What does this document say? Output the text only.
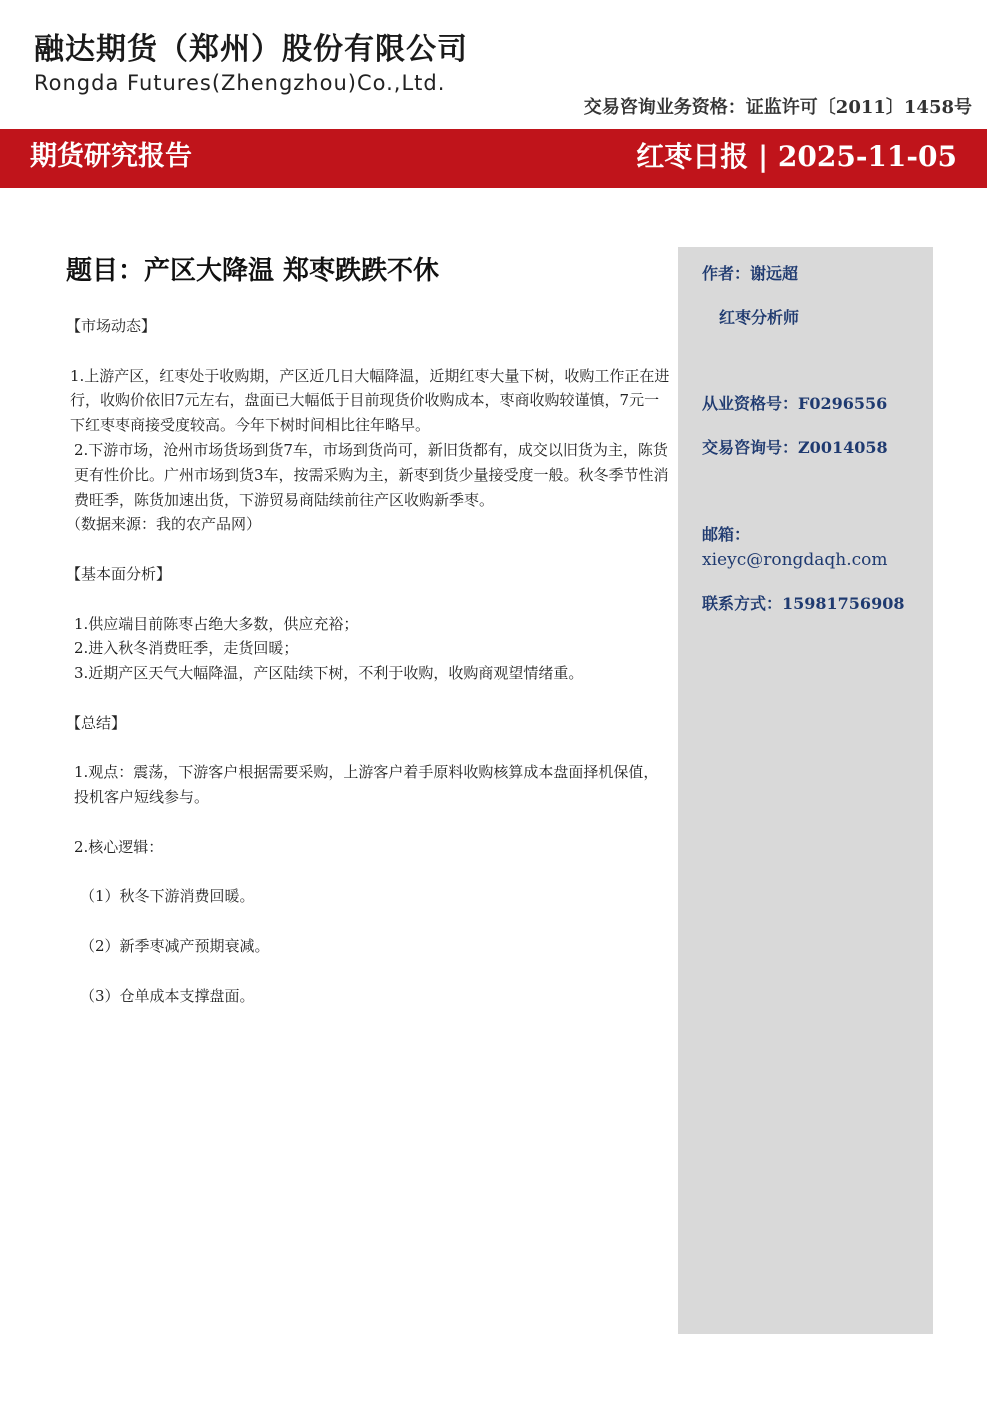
融达期货（郑州）股份有限公司
Rongda Futures(Zhengzhou)Co.,Ltd.
交易咨询业务资格：证监许可〔2011〕1458号
期货研究报告	红枣日报 | 2025-11-05
题目：产区大降温 郑枣跌跌不休

【市场动态】

1.上游产区，红枣处于收购期，产区近几日大幅降温，近期红枣大量下树，收购工作正在进行，收购价依旧7元左右，盘面已大幅低于目前现货价收购成本，枣商收购较谨慎，7元一下红枣枣商接受度较高。今年下树时间相比往年略早。

2.下游市场，沧州市场货场到货7车，市场到货尚可，新旧货都有，成交以旧货为主，陈货更有性价比。广州市场到货3车，按需采购为主，新枣到货少量接受度一般。秋冬季节性消费旺季，陈货加速出货，下游贸易商陆续前往产区收购新季枣。

（数据来源：我的农产品网）

【基本面分析】

1.供应端目前陈枣占绝大多数，供应充裕；

2.进入秋冬消费旺季，走货回暖；

3.近期产区天气大幅降温，产区陆续下树，不利于收购，收购商观望情绪重。

【总结】

1.观点：震荡，下游客户根据需要采购，上游客户着手原料收购核算成本盘面择机保值，投机客户短线参与。

2.核心逻辑：

（1）秋冬下游消费回暖。

（2）新季枣减产预期衰减。

（3）仓单成本支撑盘面。

作者：谢远超
红枣分析师
从业资格号：F0296556
交易咨询号：Z0014058
邮箱：
xieyc@rongdaqh.com
联系方式：15981756908
